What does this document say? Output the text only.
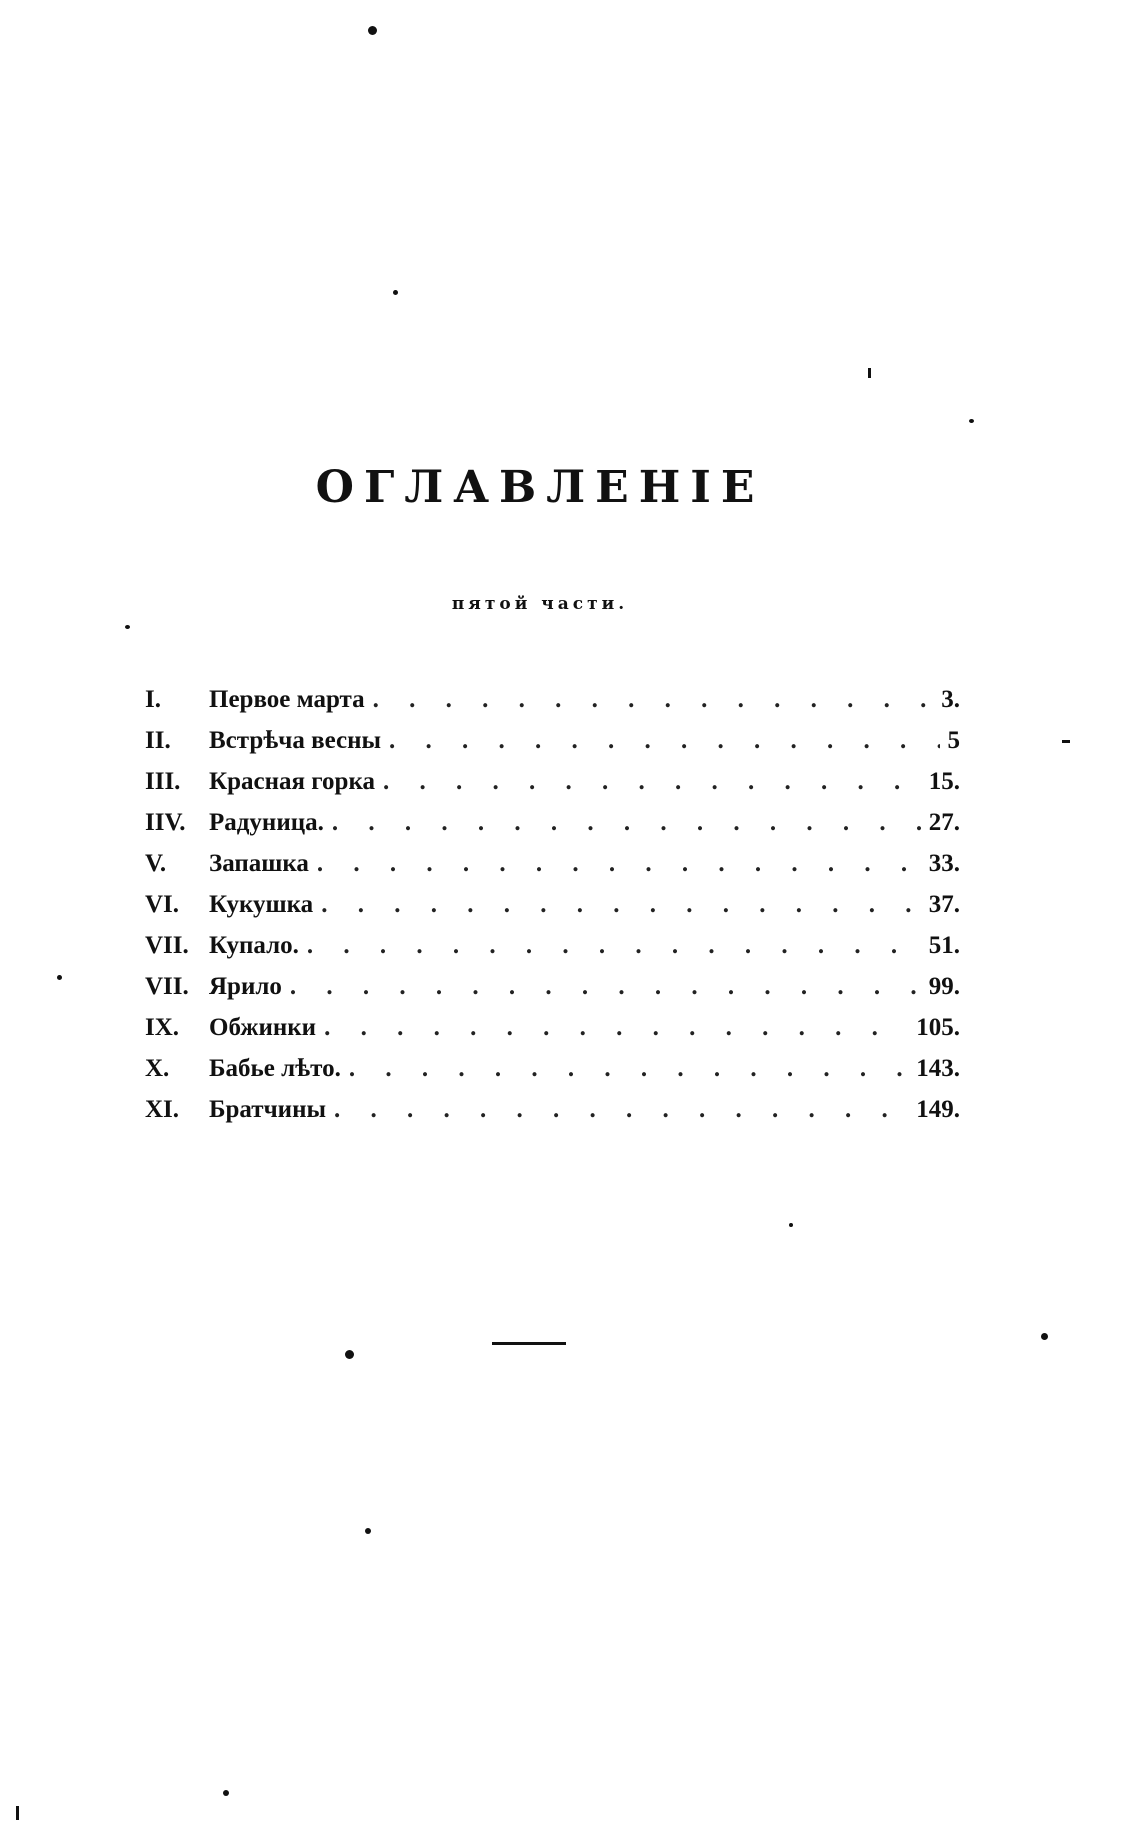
ОГЛАВЛЕНІЕ
пятой части.
I.	Первое марта . . .	3.
II.	Встрѣча весны . . .	5
III.	Красная горка . . .	15.
IIV. Радуница. . . .	27.
V.	Запашка . . .	33.
VI.	Кукушка . . .	37.
VII. Купало. . . .	51.
VII. Ярило . . .	99.
IX.	Обжинки . . .	105.
X.	Бабье лѣто. . . .	143.
XI.	Братчины . . .	149.
